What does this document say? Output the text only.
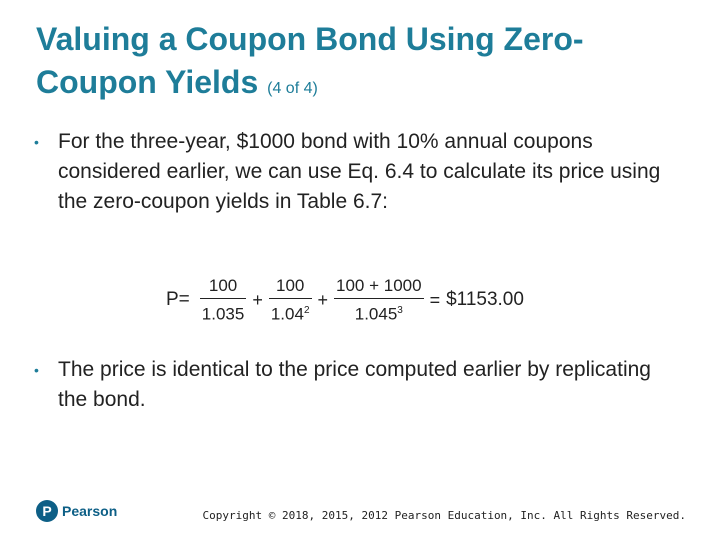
Valuing a Coupon Bond Using Zero-Coupon Yields (4 of 4)
• For the three-year, $1000 bond with 10% annual coupons considered earlier, we can use Eq. 6.4 to calculate its price using the zero-coupon yields in Table 6.7:
$P= \frac{100}{1.035} + \frac{100}{1.04^2} + \frac{100 + 1000}{1.045^3}$ = $1153.00
• The price is identical to the price computed earlier by replicating the bond.
P Pearson	Copyright © 2018, 2015, 2012 Pearson Education, Inc. All Rights Reserved.
